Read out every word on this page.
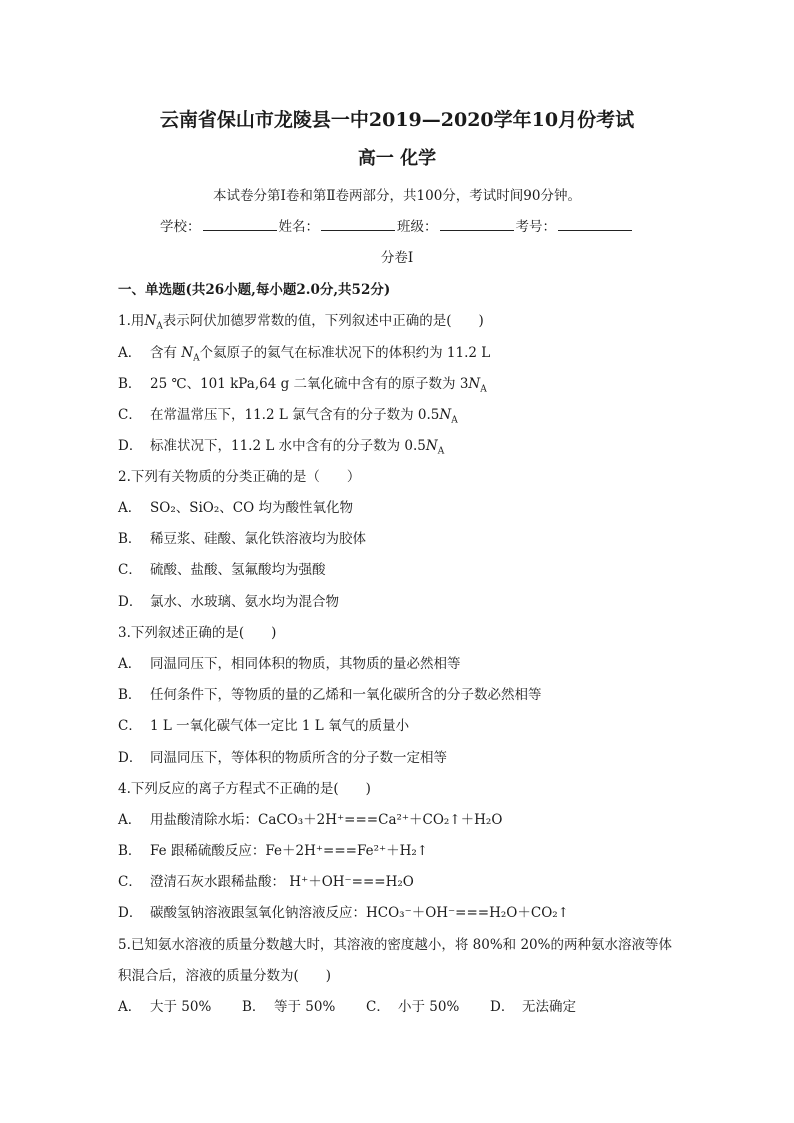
云南省保山市龙陵县一中2019—2020学年10月份考试
高一 化学
本试卷分第Ⅰ卷和第Ⅱ卷两部分，共100分，考试时间90分钟。
学校：	姓名：	班级：	考号：
分卷I
一、单选题(共26小题,每小题2.0分,共52分)
1.用$N_A$表示阿伏加德罗常数的值，下列叙述中正确的是(　　)
A． 含有 $N_A$个氦原子的氦气在标准状况下的体积约为 11.2 L
B． 25 ℃、101 kPa,64 g 二氧化硫中含有的原子数为 $3N_A$
C． 在常温常压下，11.2 L 氯气含有的分子数为 $0.5N_A$
D． 标准状况下，11.2 L 水中含有的分子数为 $0.5N_A$
2.下列有关物质的分类正确的是（　　）
A． SO₂、SiO₂、CO 均为酸性氧化物
B． 稀豆浆、硅酸、氯化铁溶液均为胶体
C． 硫酸、盐酸、氢氟酸均为强酸
D． 氯水、水玻璃、氨水均为混合物
3.下列叙述正确的是(　　)
A． 同温同压下，相同体积的物质，其物质的量必然相等
B． 任何条件下，等物质的量的乙烯和一氧化碳所含的分子数必然相等
C． 1 L 一氧化碳气体一定比 1 L 氧气的质量小
D． 同温同压下，等体积的物质所含的分子数一定相等
4.下列反应的离子方程式不正确的是(　　)
A． 用盐酸清除水垢：CaCO₃＋2H⁺===Ca²⁺＋CO₂↑＋H₂O
B． Fe 跟稀硫酸反应：Fe＋2H⁺===Fe²⁺＋H₂↑
C． 澄清石灰水跟稀盐酸： H⁺＋OH⁻===H₂O
D． 碳酸氢钠溶液跟氢氧化钠溶液反应：HCO₃⁻＋OH⁻===H₂O＋CO₂↑
5.已知氨水溶液的质量分数越大时，其溶液的密度越小，将 80%和 20%的两种氨水溶液等体
积混合后，溶液的质量分数为(　　)
A． 大于 50% B． 等于 50% C． 小于 50% D． 无法确定
